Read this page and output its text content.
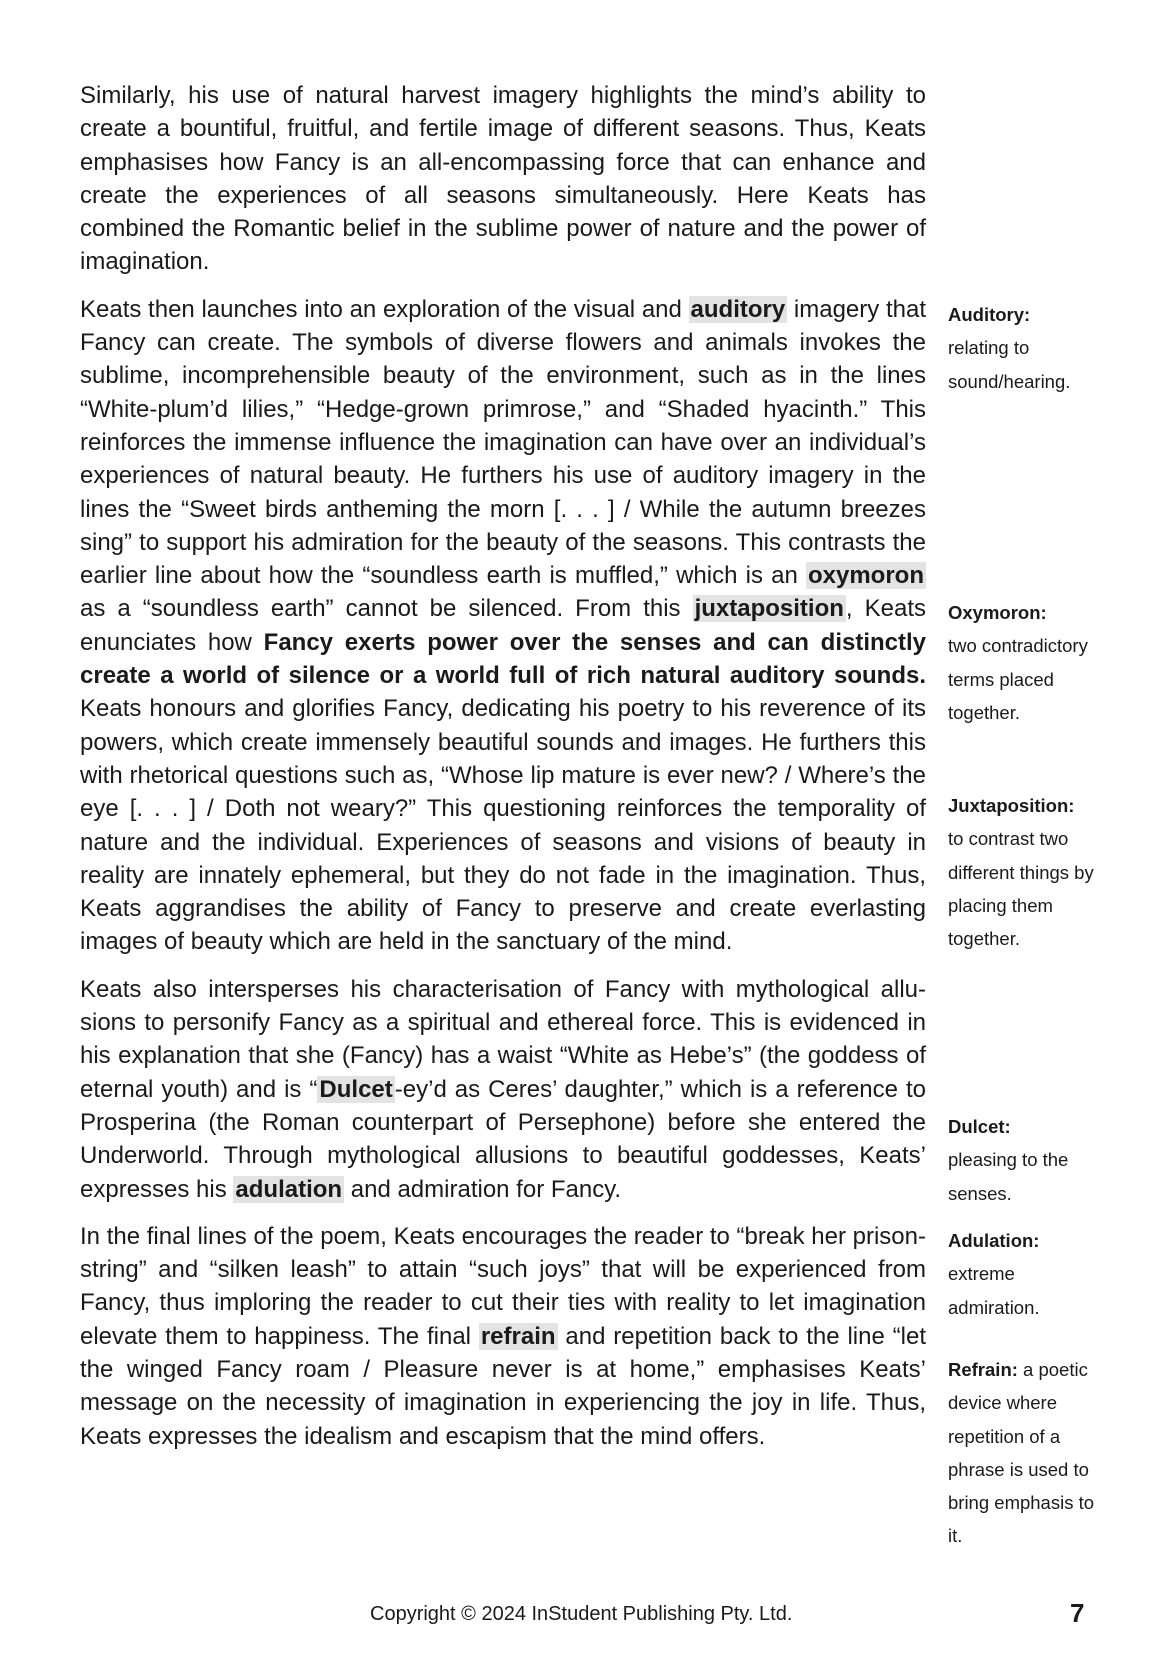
Similarly, his use of natural harvest imagery highlights the mind’s ability to create a bountiful, fruitful, and fertile image of different seasons. Thus, Keats emphasises how Fancy is an all-encompassing force that can enhance and create the experiences of all seasons simultaneously. Here Keats has combined the Romantic belief in the sublime power of nature and the power of imagination.

Keats then launches into an exploration of the visual and auditory imagery that Fancy can create. The symbols of diverse flowers and animals invokes the sublime, incomprehensible beauty of the environment, such as in the lines “White-plum’d lilies,” “Hedge-grown primrose,” and “Shaded hyacinth.” This reinforces the immense influence the imagination can have over an individual’s experiences of natural beauty. He furthers his use of auditory imagery in the lines the “Sweet birds antheming the morn [. . . ] / While the autumn breezes sing” to support his admiration for the beauty of the seasons. This contrasts the earlier line about how the “soundless earth is muffled,” which is an oxymoron as a “soundless earth” cannot be silenced. From this juxtaposition, Keats enunciates how Fancy exerts power over the senses and can distinctly create a world of silence or a world full of rich natural auditory sounds. Keats honours and glorifies Fancy, dedicating his poetry to his reverence of its powers, which create immensely beautiful sounds and images. He furthers this with rhetorical questions such as, “Whose lip mature is ever new? / Where’s the eye [. . . ] / Doth not weary?” This questioning reinforces the temporality of nature and the individual. Experiences of seasons and visions of beauty in reality are innately ephemeral, but they do not fade in the imagination. Thus, Keats aggrandises the ability of Fancy to preserve and create everlasting images of beauty which are held in the sanctuary of the mind.

Keats also intersperses his characterisation of Fancy with mythological allu- sions to personify Fancy as a spiritual and ethereal force. This is evidenced in his explanation that she (Fancy) has a waist “White as Hebe’s” (the goddess of eternal youth) and is “Dulcet-ey’d as Ceres’ daughter,” which is a reference to Prosperina (the Roman counterpart of Persephone) before she entered the Underworld. Through mythological allusions to beautiful goddesses, Keats’ expresses his adulation and admiration for Fancy.

In the final lines of the poem, Keats encourages the reader to “break her prison-string” and “silken leash” to attain “such joys” that will be experienced from Fancy, thus imploring the reader to cut their ties with reality to let imagination elevate them to happiness. The final refrain and repetition back to the line “let the winged Fancy roam / Pleasure never is at home,” emphasises Keats’ message on the necessity of imagination in experiencing the joy in life. Thus, Keats expresses the idealism and escapism that the mind offers.

Auditory:
relating to sound/hearing.
Oxymoron:
two contradictory terms placed together.
Juxtaposition:
to contrast two different things by placing them together.
Dulcet:
pleasing to the senses.
Adulation:
extreme admiration.
Refrain: a poetic device where repetition of a phrase is used to bring emphasis to it.
Copyright © 2024 InStudent Publishing Pty. Ltd.	7
